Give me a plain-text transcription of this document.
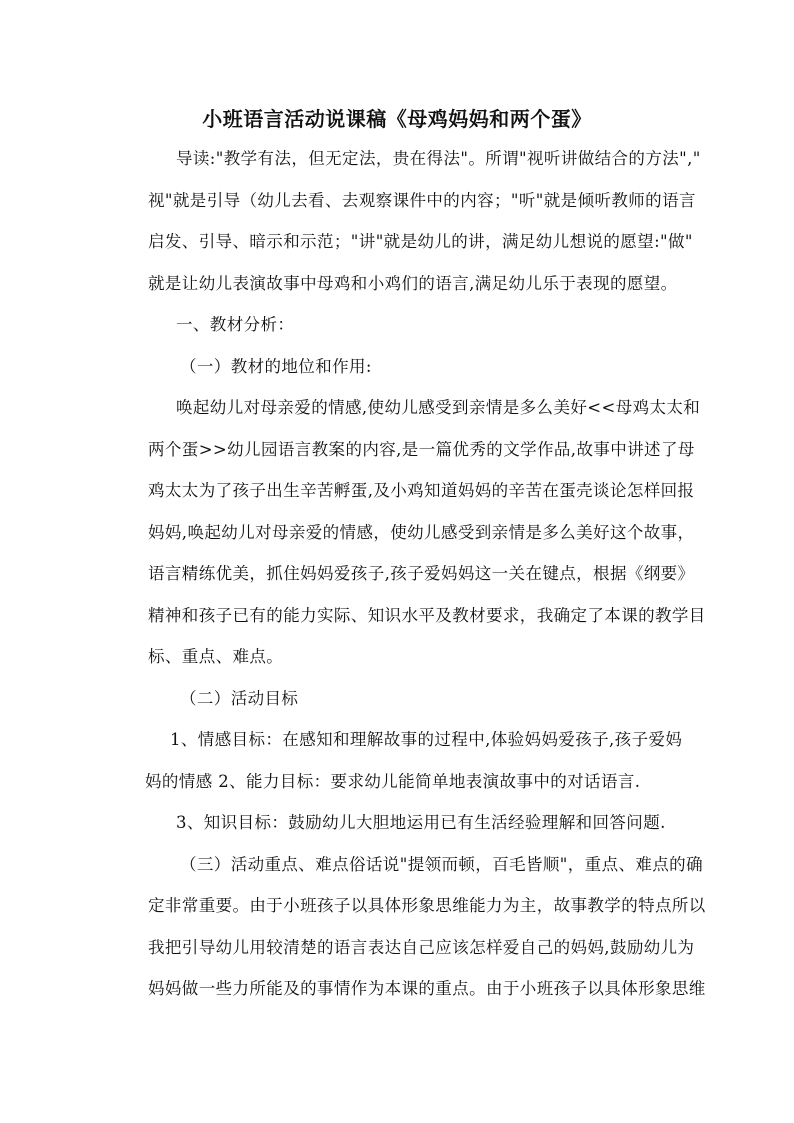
小班语言活动说课稿《母鸡妈妈和两个蛋》
导读:"教学有法，但无定法，贵在得法"。所谓"视听讲做结合的方法","
视"就是引导（幼儿去看、去观察课件中的内容；"听"就是倾听教师的语言
启发、引导、暗示和示范；"讲"就是幼儿的讲，满足幼儿想说的愿望:"做"
就是让幼儿表演故事中母鸡和小鸡们的语言,满足幼儿乐于表现的愿望。
一、教材分析：
（一）教材的地位和作用:
唤起幼儿对母亲爱的情感,使幼儿感受到亲情是多么美好<<母鸡太太和
两个蛋>>幼儿园语言教案的内容,是一篇优秀的文学作品,故事中讲述了母
鸡太太为了孩子出生辛苦孵蛋,及小鸡知道妈妈的辛苦在蛋壳谈论怎样回报
妈妈,唤起幼儿对母亲爱的情感，使幼儿感受到亲情是多么美好这个故事，
语言精练优美，抓住妈妈爱孩子,孩子爱妈妈这一关在键点，根据《纲要》
精神和孩子已有的能力实际、知识水平及教材要求，我确定了本课的教学目
标、重点、难点。
（二）活动目标
1、情感目标：在感知和理解故事的过程中,体验妈妈爱孩子,孩子爱妈
妈的情感 2、能力目标：要求幼儿能简单地表演故事中的对话语言.
3、知识目标：鼓励幼儿大胆地运用已有生活经验理解和回答问题.
（三）活动重点、难点俗话说"提领而顿，百毛皆顺"，重点、难点的确
定非常重要。由于小班孩子以具体形象思维能力为主，故事教学的特点所以
我把引导幼儿用较清楚的语言表达自己应该怎样爱自己的妈妈,鼓励幼儿为
妈妈做一些力所能及的事情作为本课的重点。由于小班孩子以具体形象思维
